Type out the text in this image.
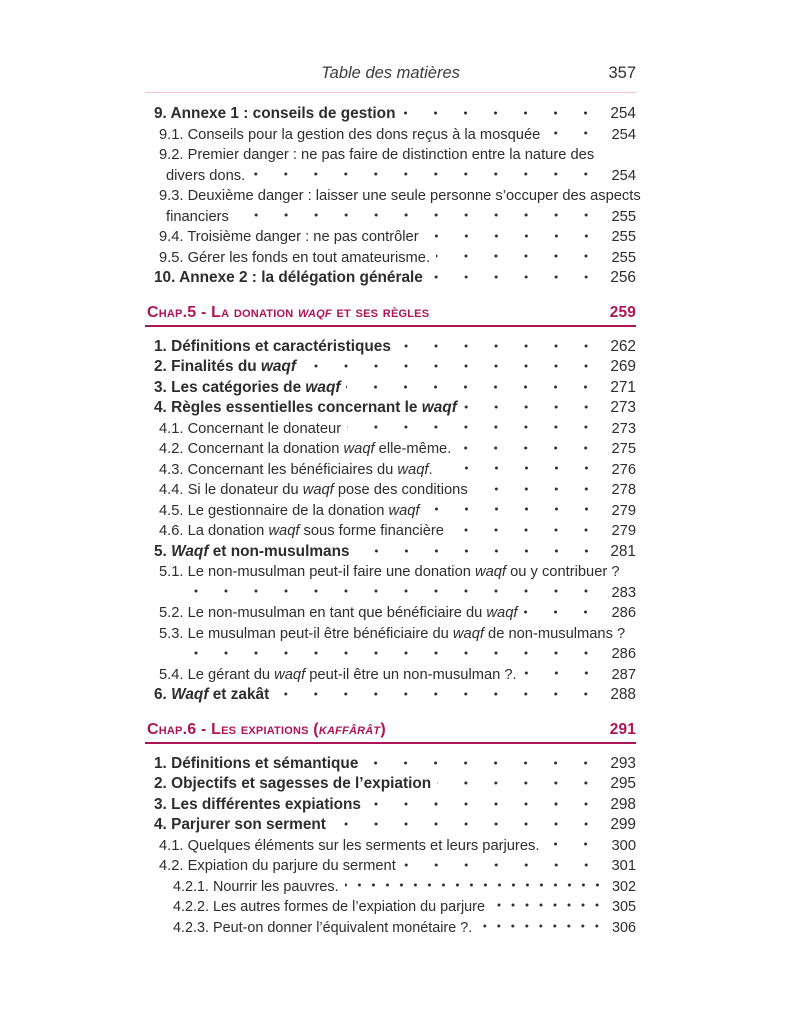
Table des matières	357
9. Annexe 1 : conseils de gestion	254
9.1. Conseils pour la gestion des dons reçus à la mosquée	254
9.2. Premier danger : ne pas faire de distinction entre la nature des
divers dons.	254
9.3. Deuxième danger : laisser une seule personne s’occuper des aspects
financiers	255
9.4. Troisième danger : ne pas contrôler	255
9.5. Gérer les fonds en tout amateurisme.	255
10. Annexe 2 : la délégation générale	256
Chap.5 - La donation waqf et ses règles	259
1. Définitions et caractéristiques	262
2. Finalités du waqf	269
3. Les catégories de waqf	271
4. Règles essentielles concernant le waqf	273
4.1. Concernant le donateur	273
4.2. Concernant la donation waqf elle-même.	275
4.3. Concernant les bénéficiaires du waqf.	276
4.4. Si le donateur du waqf pose des conditions	278
4.5. Le gestionnaire de la donation waqf	279
4.6. La donation waqf sous forme financière	279
5. Waqf et non-musulmans	281
5.1. Le non-musulman peut-il faire une donation waqf ou y contribuer ?
283
5.2. Le non-musulman en tant que bénéficiaire du waqf	286
5.3. Le musulman peut-il être bénéficiaire du waqf de non-musulmans ?
286
5.4. Le gérant du waqf peut-il être un non-musulman ?.	287
6. Waqf et zakât	288
Chap.6 - Les expiations (kaffârât)	291
1. Définitions et sémantique	293
2. Objectifs et sagesses de l’expiation	295
3. Les différentes expiations	298
4. Parjurer son serment	299
4.1. Quelques éléments sur les serments et leurs parjures.	300
4.2. Expiation du parjure du serment	301
4.2.1. Nourrir les pauvres.	302
4.2.2. Les autres formes de l’expiation du parjure	305
4.2.3. Peut-on donner l’équivalent monétaire ?.	306
